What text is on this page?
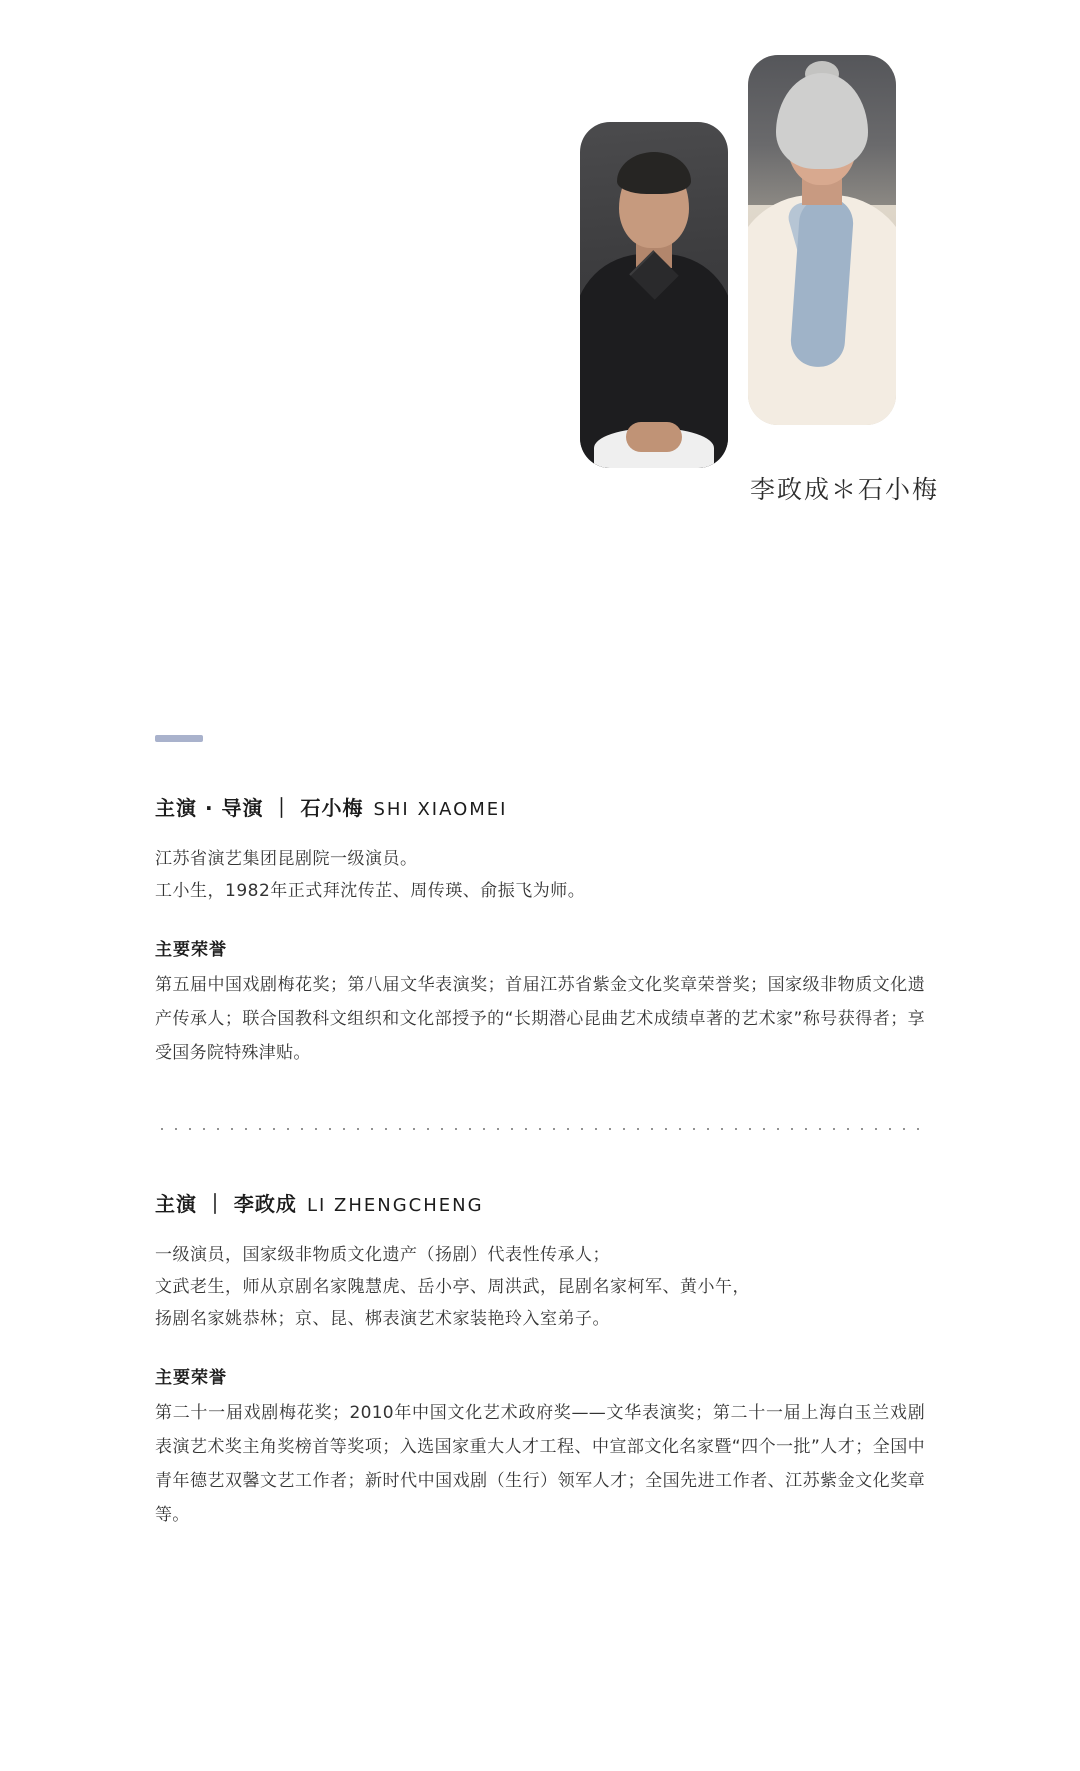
李政成＊石小梅
主演 · 导演 ｜ 石小梅 SHI XIAOMEI
江苏省演艺集团昆剧院一级演员。
工小生，1982年正式拜沈传芷、周传瑛、俞振飞为师。
主要荣誉
第五届中国戏剧梅花奖；第八届文华表演奖；首届江苏省紫金文化奖章荣誉奖；国家级非物质文化遗产传承人；联合国教科文组织和文化部授予的“长期潜心昆曲艺术成绩卓著的艺术家”称号获得者；享受国务院特殊津贴。
主演 ｜ 李政成 LI ZHENGCHENG
一级演员，国家级非物质文化遗产（扬剧）代表性传承人；
文武老生，师从京剧名家隗慧虎、岳小亭、周洪武，昆剧名家柯军、黄小午，
扬剧名家姚恭林；京、昆、梆表演艺术家装艳玲入室弟子。
主要荣誉
第二十一届戏剧梅花奖；2010年中国文化艺术政府奖——文华表演奖；第二十一届上海白玉兰戏剧表演艺术奖主角奖榜首等奖项；入选国家重大人才工程、中宣部文化名家暨“四个一批”人才；全国中青年德艺双馨文艺工作者；新时代中国戏剧（生行）领军人才；全国先进工作者、江苏紫金文化奖章等。
